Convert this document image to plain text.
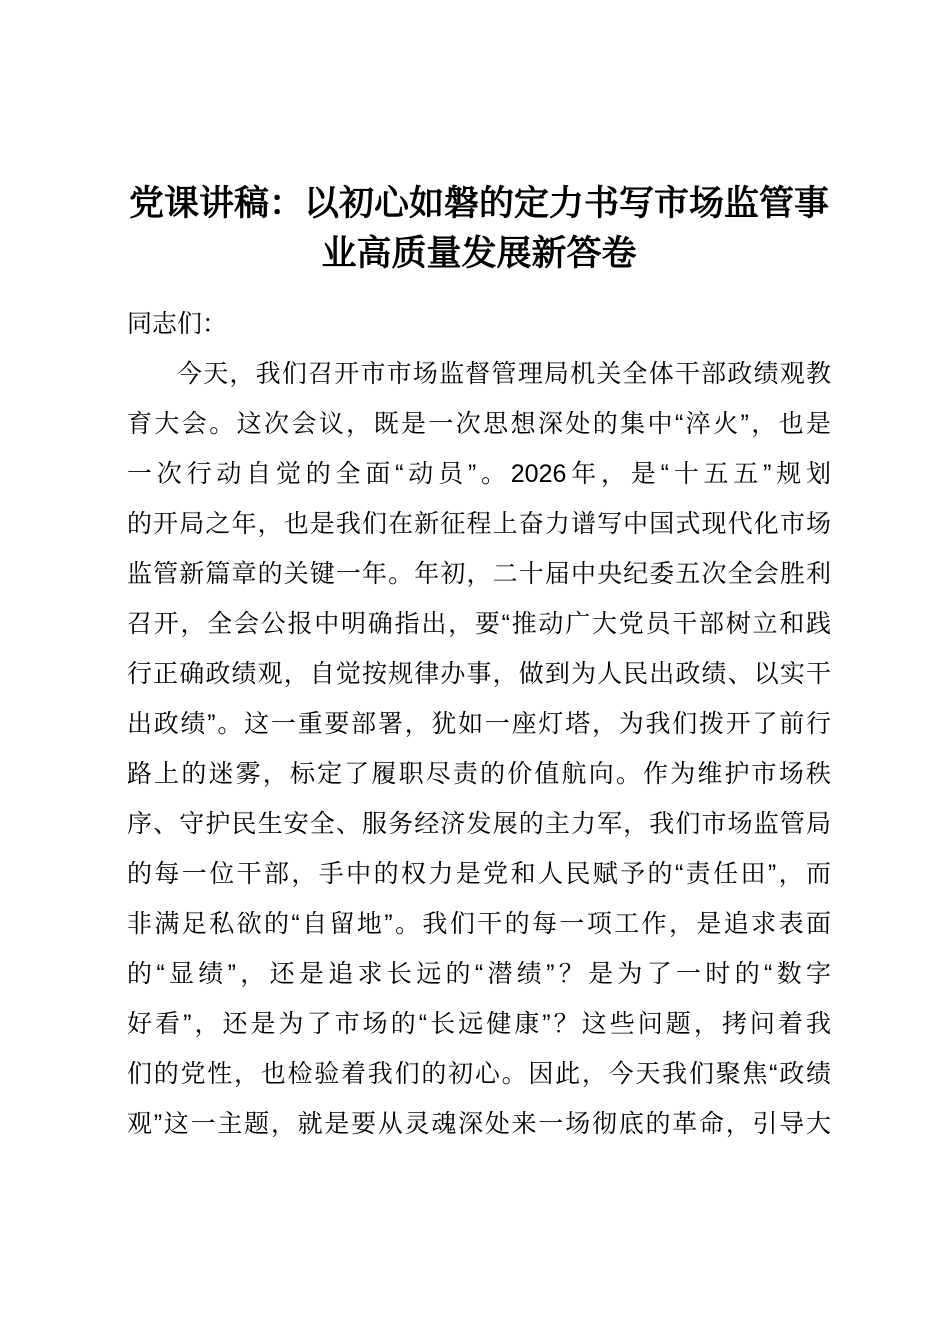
党课讲稿：以初心如磐的定力书写市场监管事
业高质量发展新答卷
同志们：
今天，我们召开市市场监督管理局机关全体干部政绩观教
育大会。这次会议，既是一次思想深处的集中“淬火”，也是
一次行动自觉的全面“动员”。2026年，是“十五五”规划
的开局之年，也是我们在新征程上奋力谱写中国式现代化市场
监管新篇章的关键一年。年初，二十届中央纪委五次全会胜利
召开，全会公报中明确指出，要“推动广大党员干部树立和践
行正确政绩观，自觉按规律办事，做到为人民出政绩、以实干
出政绩”。这一重要部署，犹如一座灯塔，为我们拨开了前行
路上的迷雾，标定了履职尽责的价值航向。作为维护市场秩
序、守护民生安全、服务经济发展的主力军，我们市场监管局
的每一位干部，手中的权力是党和人民赋予的“责任田”，而
非满足私欲的“自留地”。我们干的每一项工作，是追求表面
的“显绩”，还是追求长远的“潜绩”？是为了一时的“数字
好看”，还是为了市场的“长远健康”？这些问题，拷问着我
们的党性，也检验着我们的初心。因此，今天我们聚焦“政绩
观”这一主题，就是要从灵魂深处来一场彻底的革命，引导大
